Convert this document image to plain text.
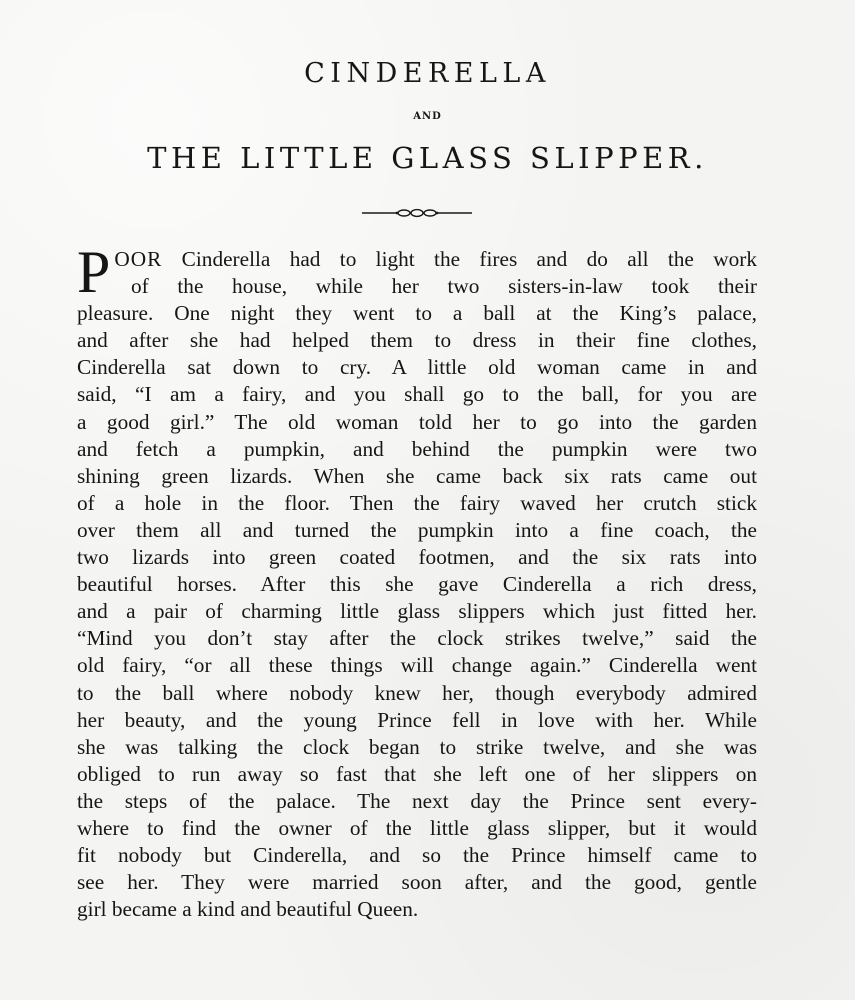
CINDERELLA
AND
THE LITTLE GLASS SLIPPER.
P OOR Cinderella had to light the fires and do all the work
of the house, while her two sisters-in-law took their
pleasure. One night they went to a ball at the King’s palace,
and after she had helped them to dress in their fine clothes,
Cinderella sat down to cry. A little old woman came in and
said, “I am a fairy, and you shall go to the ball, for you are
a good girl.” The old woman told her to go into the garden
and fetch a pumpkin, and behind the pumpkin were two
shining green lizards. When she came back six rats came out
of a hole in the floor. Then the fairy waved her crutch stick
over them all and turned the pumpkin into a fine coach, the
two lizards into green coated footmen, and the six rats into
beautiful horses. After this she gave Cinderella a rich dress,
and a pair of charming little glass slippers which just fitted her.
“Mind you don’t stay after the clock strikes twelve,” said the
old fairy, “or all these things will change again.” Cinderella went
to the ball where nobody knew her, though everybody admired
her beauty, and the young Prince fell in love with her. While
she was talking the clock began to strike twelve, and she was
obliged to run away so fast that she left one of her slippers on
the steps of the palace. The next day the Prince sent every-
where to find the owner of the little glass slipper, but it would
fit nobody but Cinderella, and so the Prince himself came to
see her. They were married soon after, and the good, gentle
girl became a kind and beautiful Queen.
